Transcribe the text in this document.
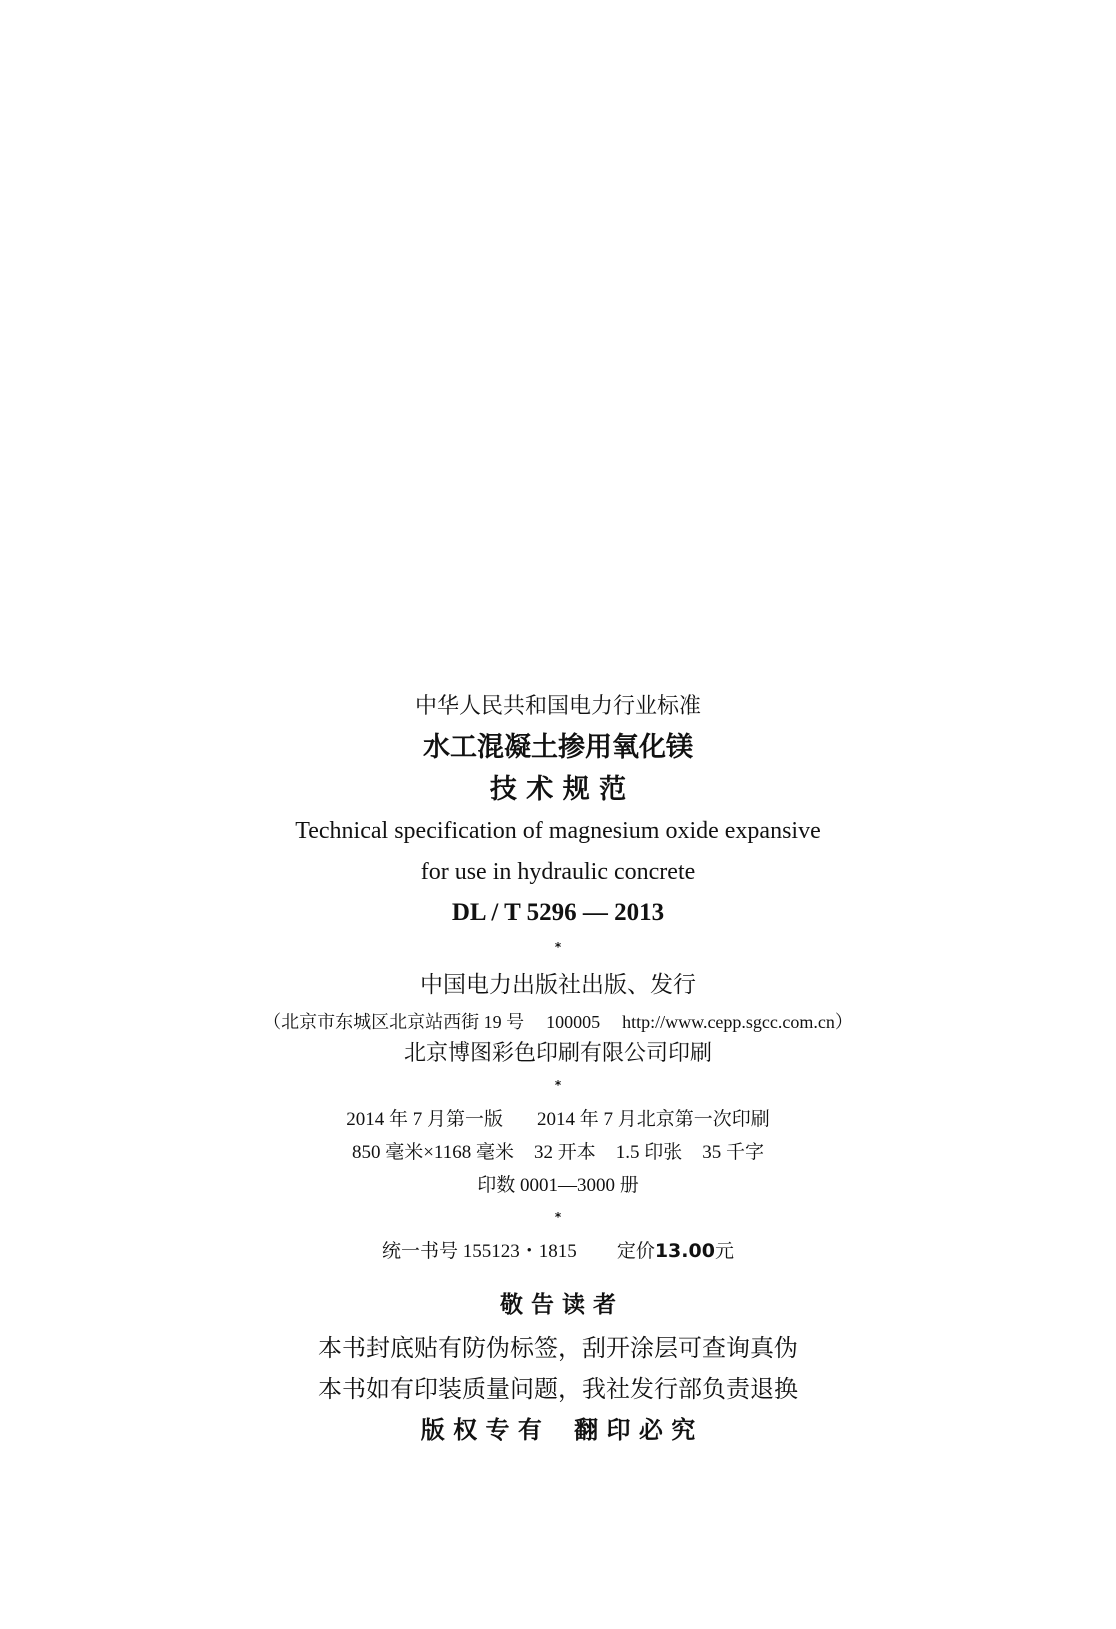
中华人民共和国电力行业标准
水工混凝土掺用氧化镁
技 术 规 范
Technical specification of magnesium oxide expansive
for use in hydraulic concrete
DL / T 5296 — 2013
*
中国电力出版社出版、发行
（北京市东城区北京站西街 19 号 100005 http://www.cepp.sgcc.com.cn）
北京博图彩色印刷有限公司印刷
*
2014 年 7 月第一版 2014 年 7 月北京第一次印刷
850 毫米×1168 毫米 32 开本 1.5 印张 35 千字
印数 0001—3000 册
*
统一书号 155123・1815 定价13.00元
敬 告 读 者
本书封底贴有防伪标签，刮开涂层可查询真伪
本书如有印装质量问题，我社发行部负责退换
版 权 专 有　 翻 印 必 究
